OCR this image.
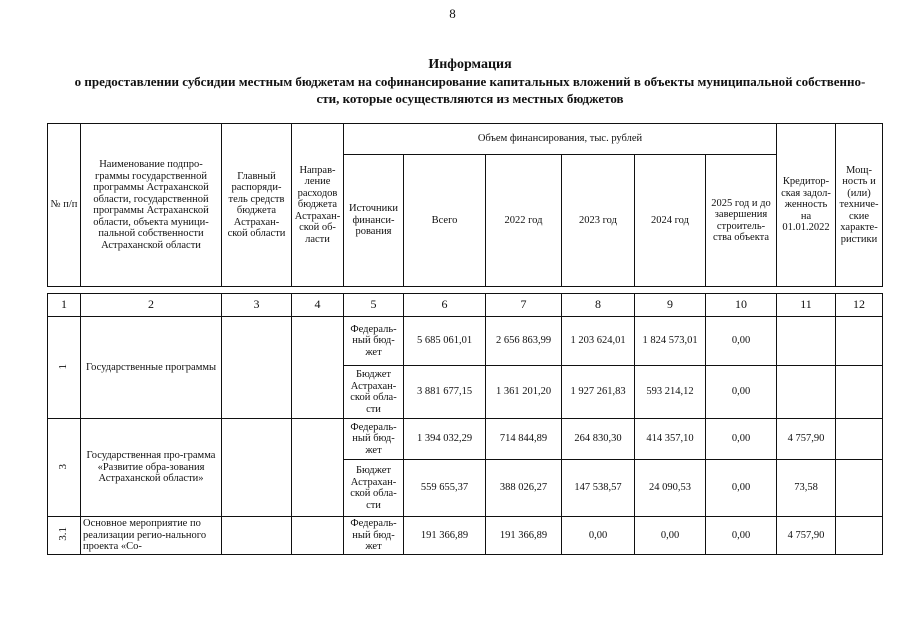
8
Информация
о предоставлении субсидии местным бюджетам на софинансирование капитальных вложений в объекты муниципальной собственно-
сти, которые осуществляются из местных бюджетов
№ п/п	Наименование подпро-граммы государственной программы Астраханской области, государственной программы Астраханской области, объекта муници-пальной собственности Астраханской области	Главный распоряди-тель средств бюджета Астрахан-ской области	Направ-ление расходов бюджета Астрахан-ской об-ласти	Объем финансирования, тыс. рублей						Кредитор-ская задол-женность на 01.01.2022	Мощ-ность и (или) техниче-ские характе-ристики
				Источники финанси-рования	Всего	2022 год	2023 год	2024 год	2025 год и до завершения строитель-ства объекта		

1	2	3	4	5	6	7	8	9	10	11	12
1	Государственные программы			Федераль-ный бюд-жет	5 685 061,01	2 656 863,99	1 203 624,01	1 824 573,01	0,00		
				Бюджет Астрахан-ской обла-сти	3 881 677,15	1 361 201,20	1 927 261,83	593 214,12	0,00		
3	Государственная про-грамма «Развитие обра-зования Астраханской области»			Федераль-ный бюд-жет	1 394 032,29	714 844,89	264 830,30	414 357,10	0,00	4 757,90	
				Бюджет Астрахан-ской обла-сти	559 655,37	388 026,27	147 538,57	24 090,53	0,00	73,58	
3.1	Основное мероприятие по реализации регио-нального проекта «Со-			Федераль-ный бюд-жет	191 366,89	191 366,89	0,00	0,00	0,00	4 757,90	
